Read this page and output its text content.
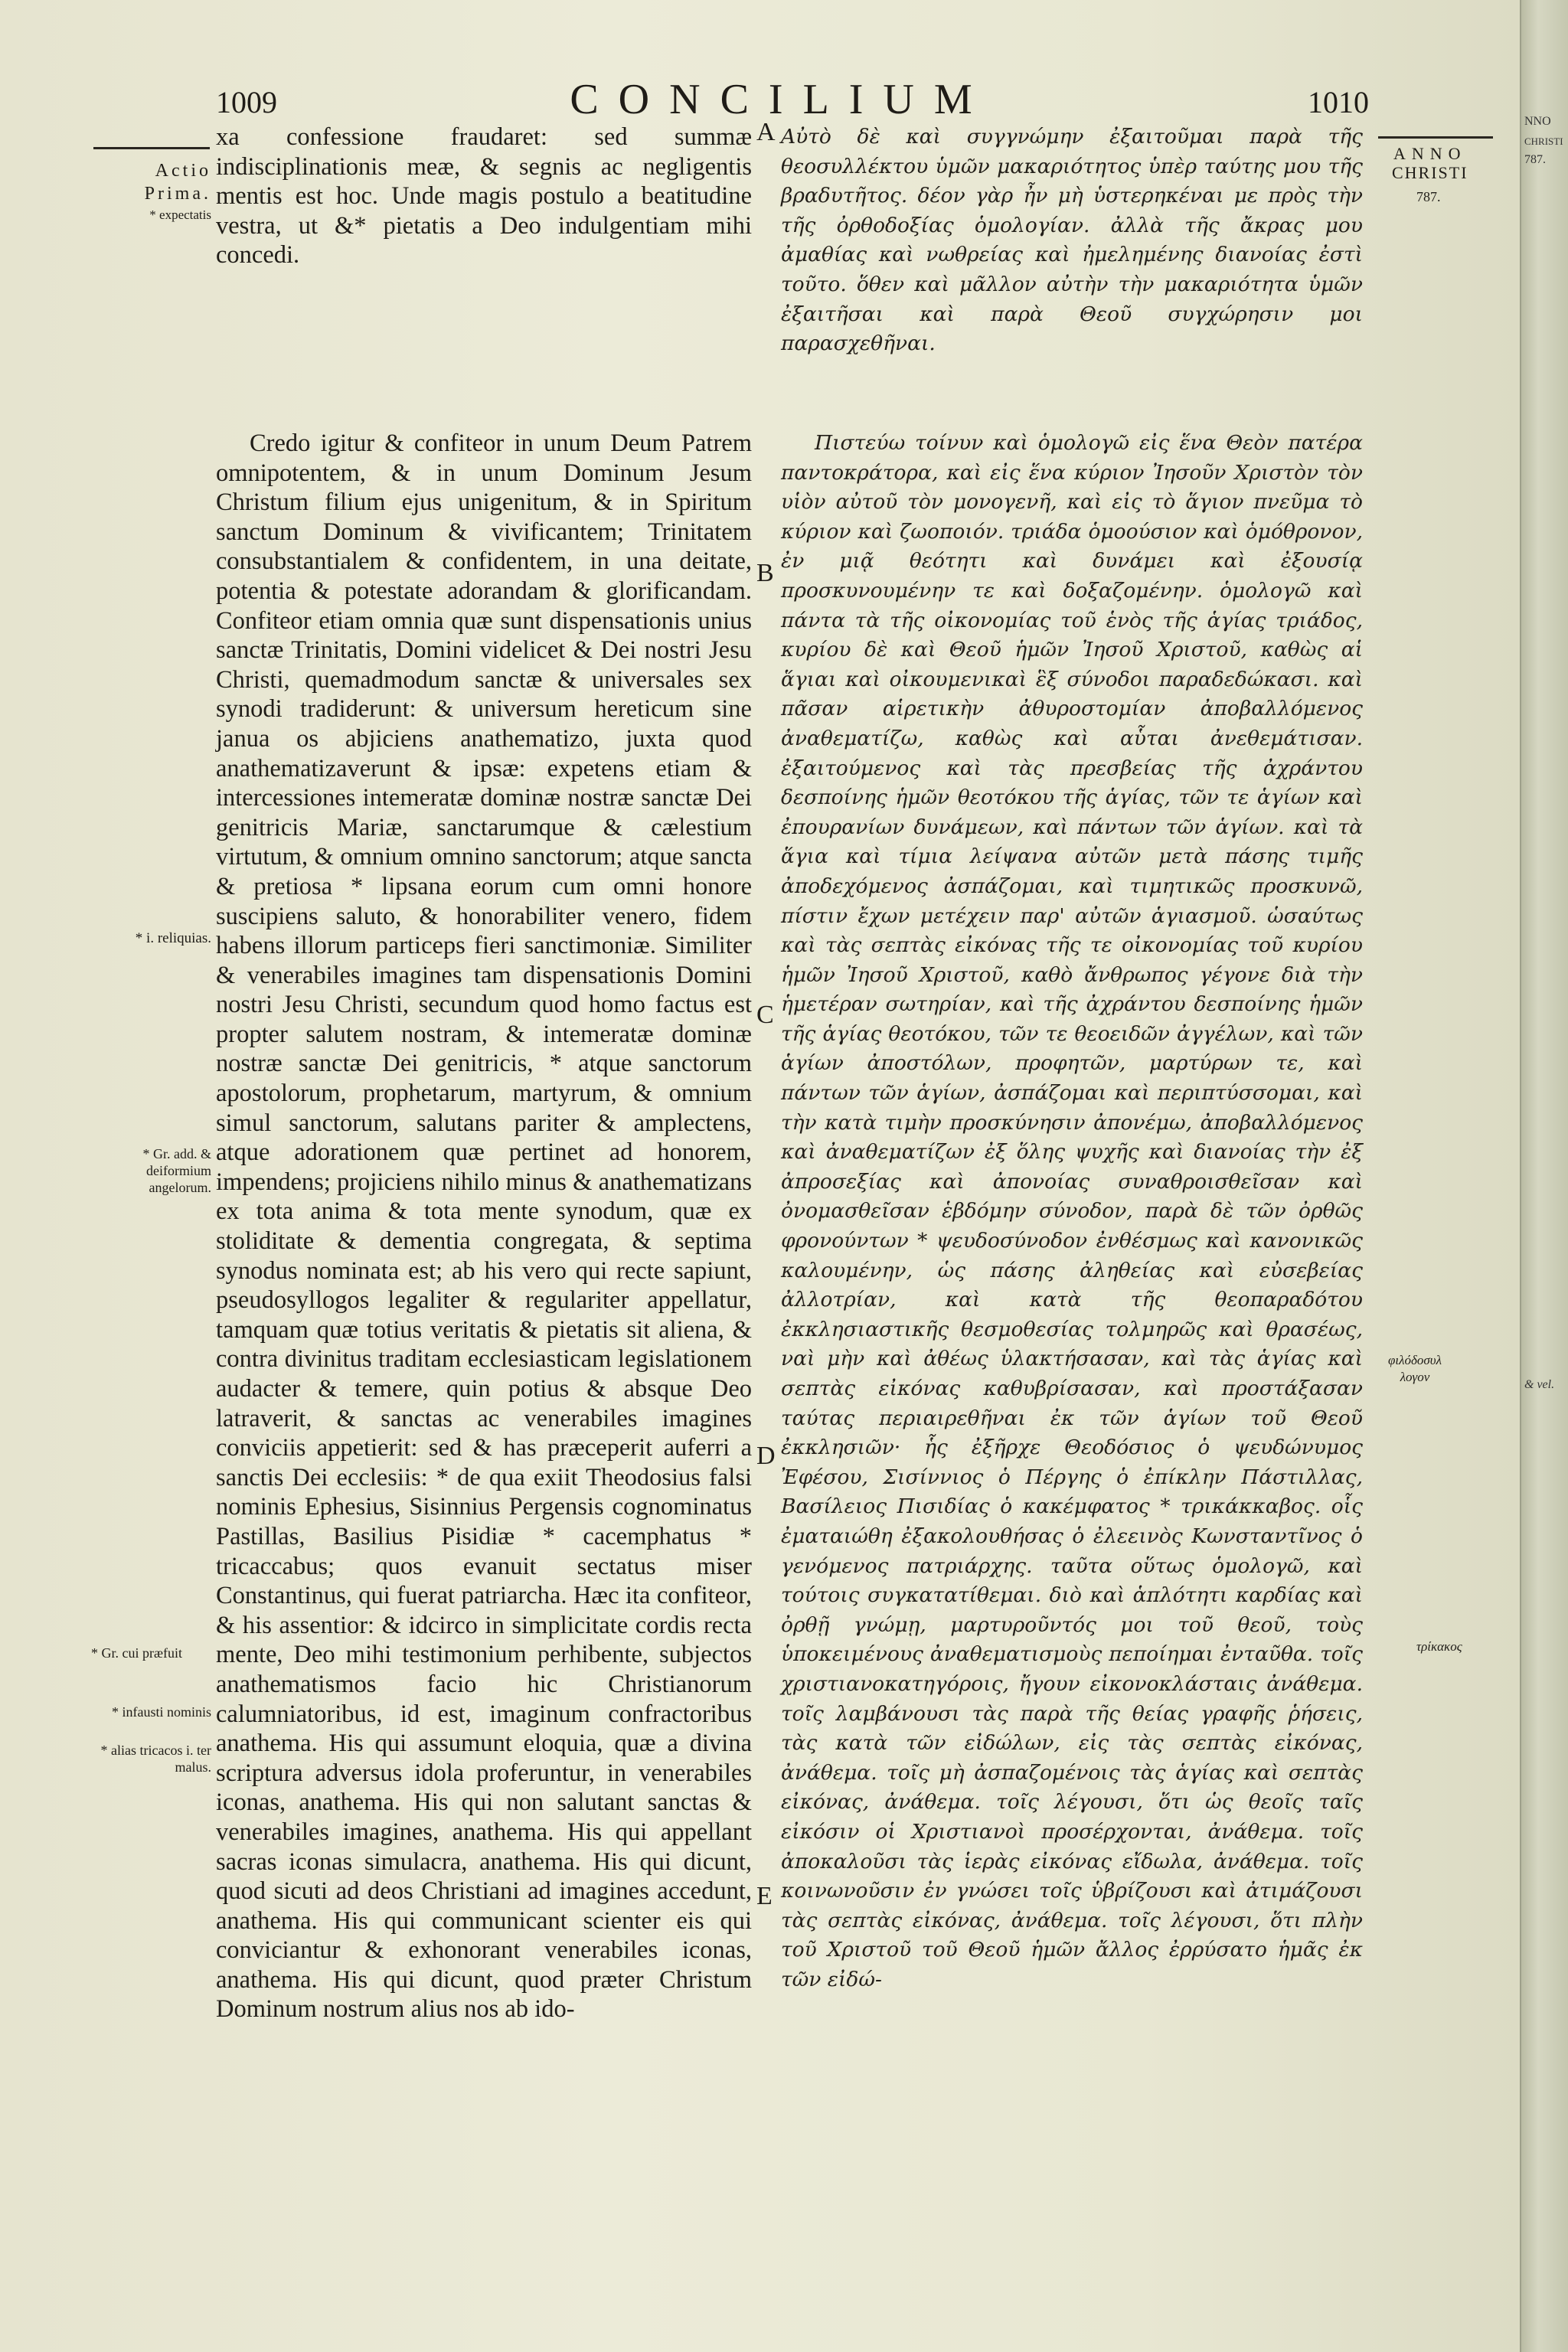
1009	CONCILIUM	1010
Actio
Prima.
* expectatis
* i. reliquias.
* Gr. add. & deiformium angelorum.
* Gr. cui præfuit
* infausti nominis
* alias tricacos i. ter malus.
ANNO
CHRISTI
787.
φιλόδοσυλ λογον
τρίκακος
A
B
C
D
E
xa confessione fraudaret: sed summæ indisciplinationis meæ, & segnis ac negligentis mentis est hoc. Unde magis postulo a beatitudine vestra, ut &* pietatis a Deo indulgentiam mihi concedi.
Credo igitur & confiteor in unum Deum Patrem omnipotentem, & in unum Dominum Jesum Christum filium ejus unigenitum, & in Spiritum sanctum Dominum & vivificantem; Trinitatem consubstantialem & confidentem, in una deitate, potentia & potestate adorandam & glorificandam. Confiteor etiam omnia quæ sunt dispensationis unius sanctæ Trinitatis, Domini videlicet & Dei nostri Jesu Christi, quemadmodum sanctæ & universales sex synodi tradiderunt: & universum hereticum sine janua os abjiciens anathematizo, juxta quod anathematizaverunt & ipsæ: expetens etiam & intercessiones intemeratæ dominæ nostræ sanctæ Dei genitricis Mariæ, sanctarumque & cælestium virtutum, & omnium omnino sanctorum; atque sancta & pretiosa * lipsana eorum cum omni honore suscipiens saluto, & honorabiliter venero, fidem habens illorum particeps fieri sanctimoniæ. Similiter & venerabiles imagines tam dispensationis Domini nostri Jesu Christi, secundum quod homo factus est propter salutem nostram, & intemeratæ dominæ nostræ sanctæ Dei genitricis, * atque sanctorum apostolorum, prophetarum, martyrum, & omnium simul sanctorum, salutans pariter & amplectens, atque adorationem quæ pertinet ad honorem, impendens; projiciens nihilo minus & anathematizans ex tota anima & tota mente synodum, quæ ex stoliditate & dementia congregata, & septima synodus nominata est; ab his vero qui recte sapiunt, pseudosyllogos legaliter & regulariter appellatur, tamquam quæ totius veritatis & pietatis sit aliena, & contra divinitus traditam ecclesiasticam legislationem audacter & temere, quin potius & absque Deo latraverit, & sanctas ac venerabiles imagines conviciis appetierit: sed & has præceperit auferri a sanctis Dei ecclesiis: * de qua exiit Theodosius falsi nominis Ephesius, Sisinnius Pergensis cognominatus Pastillas, Basilius Pisidiæ * cacemphatus * tricaccabus; quos evanuit sectatus miser Constantinus, qui fuerat patriarcha. Hæc ita confiteor, & his assentior: & idcirco in simplicitate cordis recta mente, Deo mihi testimonium perhibente, subjectos anathematismos facio hic Christianorum calumniatoribus, id est, imaginum confractoribus anathema. His qui assumunt eloquia, quæ a divina scriptura adversus idola proferuntur, in venerabiles iconas, anathema. His qui non salutant sanctas & venerabiles imagines, anathema. His qui appellant sacras iconas simulacra, anathema. His qui dicunt, quod sicuti ad deos Christiani ad imagines accedunt, anathema. His qui communicant scienter eis qui conviciantur & exhonorant venerabiles iconas, anathema. His qui dicunt, quod præter Christum Dominum nostrum alius nos ab ido-
Αὐτὸ δὲ καὶ συγγνώμην ἐξαιτοῦμαι παρὰ τῆς θεοσυλλέκτου ὑμῶν μακαριότητος ὑπὲρ ταύτης μου τῆς βραδυτῆτος. δέον γὰρ ἦν μὴ ὑστερηκέναι με πρὸς τὴν τῆς ὀρθοδοξίας ὁμολογίαν. ἀλλὰ τῆς ἄκρας μου ἀμαθίας καὶ νωθρείας καὶ ἠμελημένης διανοίας ἐστὶ τοῦτο. ὅθεν καὶ μᾶλλον αὐτὴν τὴν μακαριότητα ὑμῶν ἐξαιτῆσαι καὶ παρὰ Θεοῦ συγχώρησιν μοι παρασχεθῆναι.
Πιστεύω τοίνυν καὶ ὁμολογῶ εἰς ἕνα Θεὸν πατέρα παντοκράτορα, καὶ εἰς ἕνα κύριον Ἰησοῦν Χριστὸν τὸν υἱὸν αὐτοῦ τὸν μονογενῆ, καὶ εἰς τὸ ἅγιον πνεῦμα τὸ κύριον καὶ ζωοποιόν. τριάδα ὁμοούσιον καὶ ὁμόθρονον, ἐν μιᾷ θεότητι καὶ δυνάμει καὶ ἐξουσίᾳ προσκυνουμένην τε καὶ δοξαζομένην. ὁμολογῶ καὶ πάντα τὰ τῆς οἰκονομίας τοῦ ἑνὸς τῆς ἁγίας τριάδος, κυρίου δὲ καὶ Θεοῦ ἡμῶν Ἰησοῦ Χριστοῦ, καθὼς αἱ ἅγιαι καὶ οἰκουμενικαὶ ἓξ σύνοδοι παραδεδώκασι. καὶ πᾶσαν αἱρετικὴν ἀθυροστομίαν ἀποβαλλόμενος ἀναθεματίζω, καθὼς καὶ αὗται ἀνεθεμάτισαν. ἐξαιτούμενος καὶ τὰς πρεσβείας τῆς ἀχράντου δεσποίνης ἡμῶν θεοτόκου τῆς ἁγίας, τῶν τε ἁγίων καὶ ἐπουρανίων δυνάμεων, καὶ πάντων τῶν ἁγίων. καὶ τὰ ἅγια καὶ τίμια λείψανα αὐτῶν μετὰ πάσης τιμῆς ἀποδεχόμενος ἀσπάζομαι, καὶ τιμητικῶς προσκυνῶ, πίστιν ἔχων μετέχειν παρ' αὐτῶν ἁγιασμοῦ. ὡσαύτως καὶ τὰς σεπτὰς εἰκόνας τῆς τε οἰκονομίας τοῦ κυρίου ἡμῶν Ἰησοῦ Χριστοῦ, καθὸ ἄνθρωπος γέγονε διὰ τὴν ἡμετέραν σωτηρίαν, καὶ τῆς ἀχράντου δεσποίνης ἡμῶν τῆς ἁγίας θεοτόκου, τῶν τε θεοειδῶν ἀγγέλων, καὶ τῶν ἁγίων ἀποστόλων, προφητῶν, μαρτύρων τε, καὶ πάντων τῶν ἁγίων, ἀσπάζομαι καὶ περιπτύσσομαι, καὶ τὴν κατὰ τιμὴν προσκύνησιν ἀπονέμω, ἀποβαλλόμενος καὶ ἀναθεματίζων ἐξ ὅλης ψυχῆς καὶ διανοίας τὴν ἐξ ἀπροσεξίας καὶ ἀπονοίας συναθροισθεῖσαν καὶ ὀνομασθεῖσαν ἑβδόμην σύνοδον, παρὰ δὲ τῶν ὀρθῶς φρονούντων * ψευδοσύνοδον ἐνθέσμως καὶ κανονικῶς καλουμένην, ὡς πάσης ἀληθείας καὶ εὐσεβείας ἀλλοτρίαν, καὶ κατὰ τῆς θεοπαραδότου ἐκκλησιαστικῆς θεσμοθεσίας τολμηρῶς καὶ θρασέως, ναὶ μὴν καὶ ἀθέως ὑλακτήσασαν, καὶ τὰς ἁγίας καὶ σεπτὰς εἰκόνας καθυβρίσασαν, καὶ προστάξασαν ταύτας περιαιρεθῆναι ἐκ τῶν ἁγίων τοῦ Θεοῦ ἐκκλησιῶν· ἧς ἐξῆρχε Θεοδόσιος ὁ ψευδώνυμος Ἐφέσου, Σισίννιος ὁ Πέργης ὁ ἐπίκλην Πάστιλλας, Βασίλειος Πισιδίας ὁ κακέμφατος * τρικάκκαβος. οἷς ἐματαιώθη ἐξακολουθήσας ὁ ἐλεεινὸς Κωνσταντῖνος ὁ γενόμενος πατριάρχης. ταῦτα οὕτως ὁμολογῶ, καὶ τούτοις συγκατατίθεμαι. διὸ καὶ ἁπλότητι καρδίας καὶ ὀρθῇ γνώμῃ, μαρτυροῦντός μοι τοῦ θεοῦ, τοὺς ὑποκειμένους ἀναθεματισμοὺς πεποίημαι ἐνταῦθα. τοῖς χριστιανοκατηγόροις, ἤγουν εἰκονοκλάσταις ἀνάθεμα. τοῖς λαμβάνουσι τὰς παρὰ τῆς θείας γραφῆς ῥήσεις, τὰς κατὰ τῶν εἰδώλων, εἰς τὰς σεπτὰς εἰκόνας, ἀνάθεμα. τοῖς μὴ ἀσπαζομένοις τὰς ἁγίας καὶ σεπτὰς εἰκόνας, ἀνάθεμα. τοῖς λέγουσι, ὅτι ὡς θεοῖς ταῖς εἰκόσιν οἱ Χριστιανοὶ προσέρχονται, ἀνάθεμα. τοῖς ἀποκαλοῦσι τὰς ἱερὰς εἰκόνας εἴδωλα, ἀνάθεμα. τοῖς κοινωνοῦσιν ἐν γνώσει τοῖς ὑβρίζουσι καὶ ἀτιμάζουσι τὰς σεπτὰς εἰκόνας, ἀνάθεμα. τοῖς λέγουσι, ὅτι πλὴν τοῦ Χριστοῦ τοῦ Θεοῦ ἡμῶν ἄλλος ἐρρύσατο ἡμᾶς ἐκ τῶν εἰδώ-
NNO
CHRISTI
787.
& vel.
